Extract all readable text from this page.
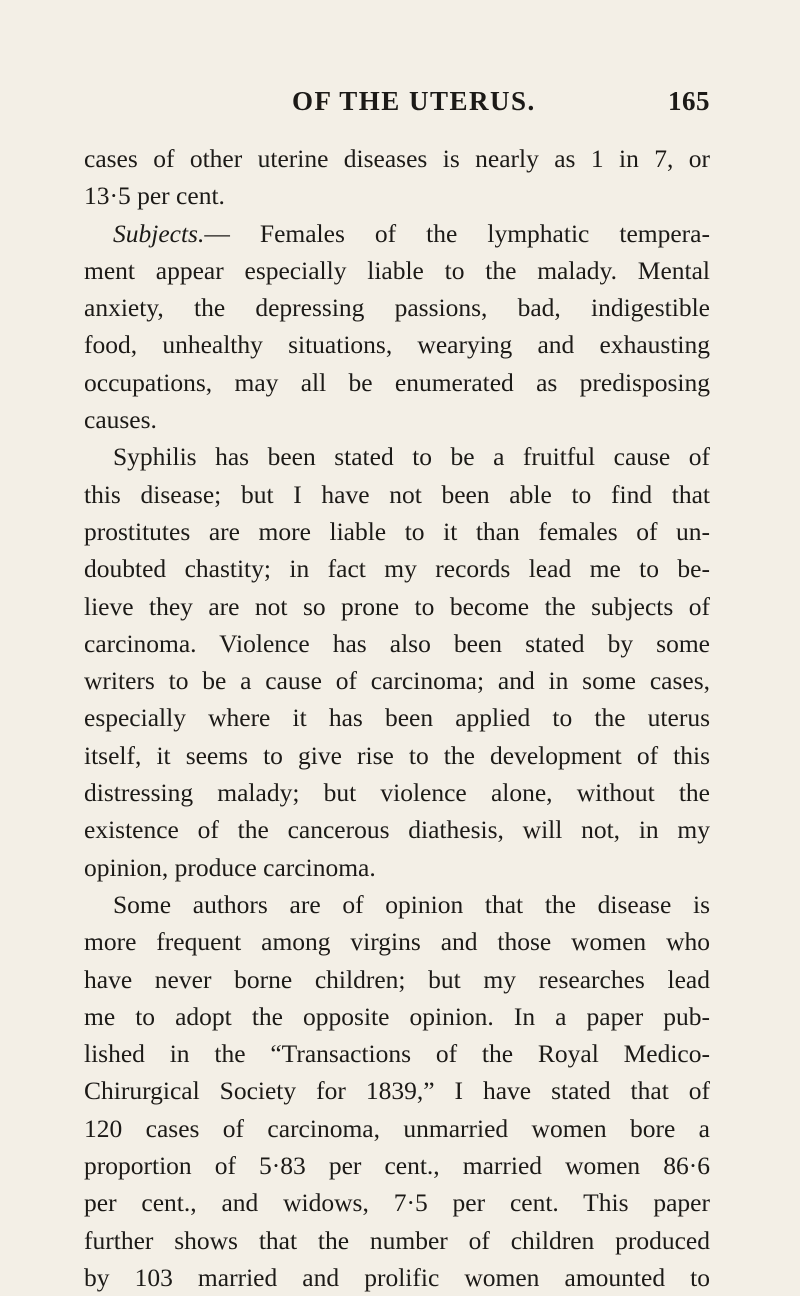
OF THE UTERUS.	165
cases of other uterine diseases is nearly as 1 in 7, or
13·5 per cent.
Subjects.— Females of the lymphatic tempera-
ment appear especially liable to the malady. Mental
anxiety, the depressing passions, bad, indigestible
food, unhealthy situations, wearying and exhausting
occupations, may all be enumerated as predisposing
causes.
Syphilis has been stated to be a fruitful cause of
this disease; but I have not been able to find that
prostitutes are more liable to it than females of un-
doubted chastity; in fact my records lead me to be-
lieve they are not so prone to become the subjects of
carcinoma. Violence has also been stated by some
writers to be a cause of carcinoma; and in some cases,
especially where it has been applied to the uterus
itself, it seems to give rise to the development of this
distressing malady; but violence alone, without the
existence of the cancerous diathesis, will not, in my
opinion, produce carcinoma.
Some authors are of opinion that the disease is
more frequent among virgins and those women who
have never borne children; but my researches lead
me to adopt the opposite opinion. In a paper pub-
lished in the “Transactions of the Royal Medico-
Chirurgical Society for 1839,” I have stated that of
120 cases of carcinoma, unmarried women bore a
proportion of 5·83 per cent., married women 86·6
per cent., and widows, 7·5 per cent. This paper
further shows that the number of children produced
by 103 married and prolific women amounted to
